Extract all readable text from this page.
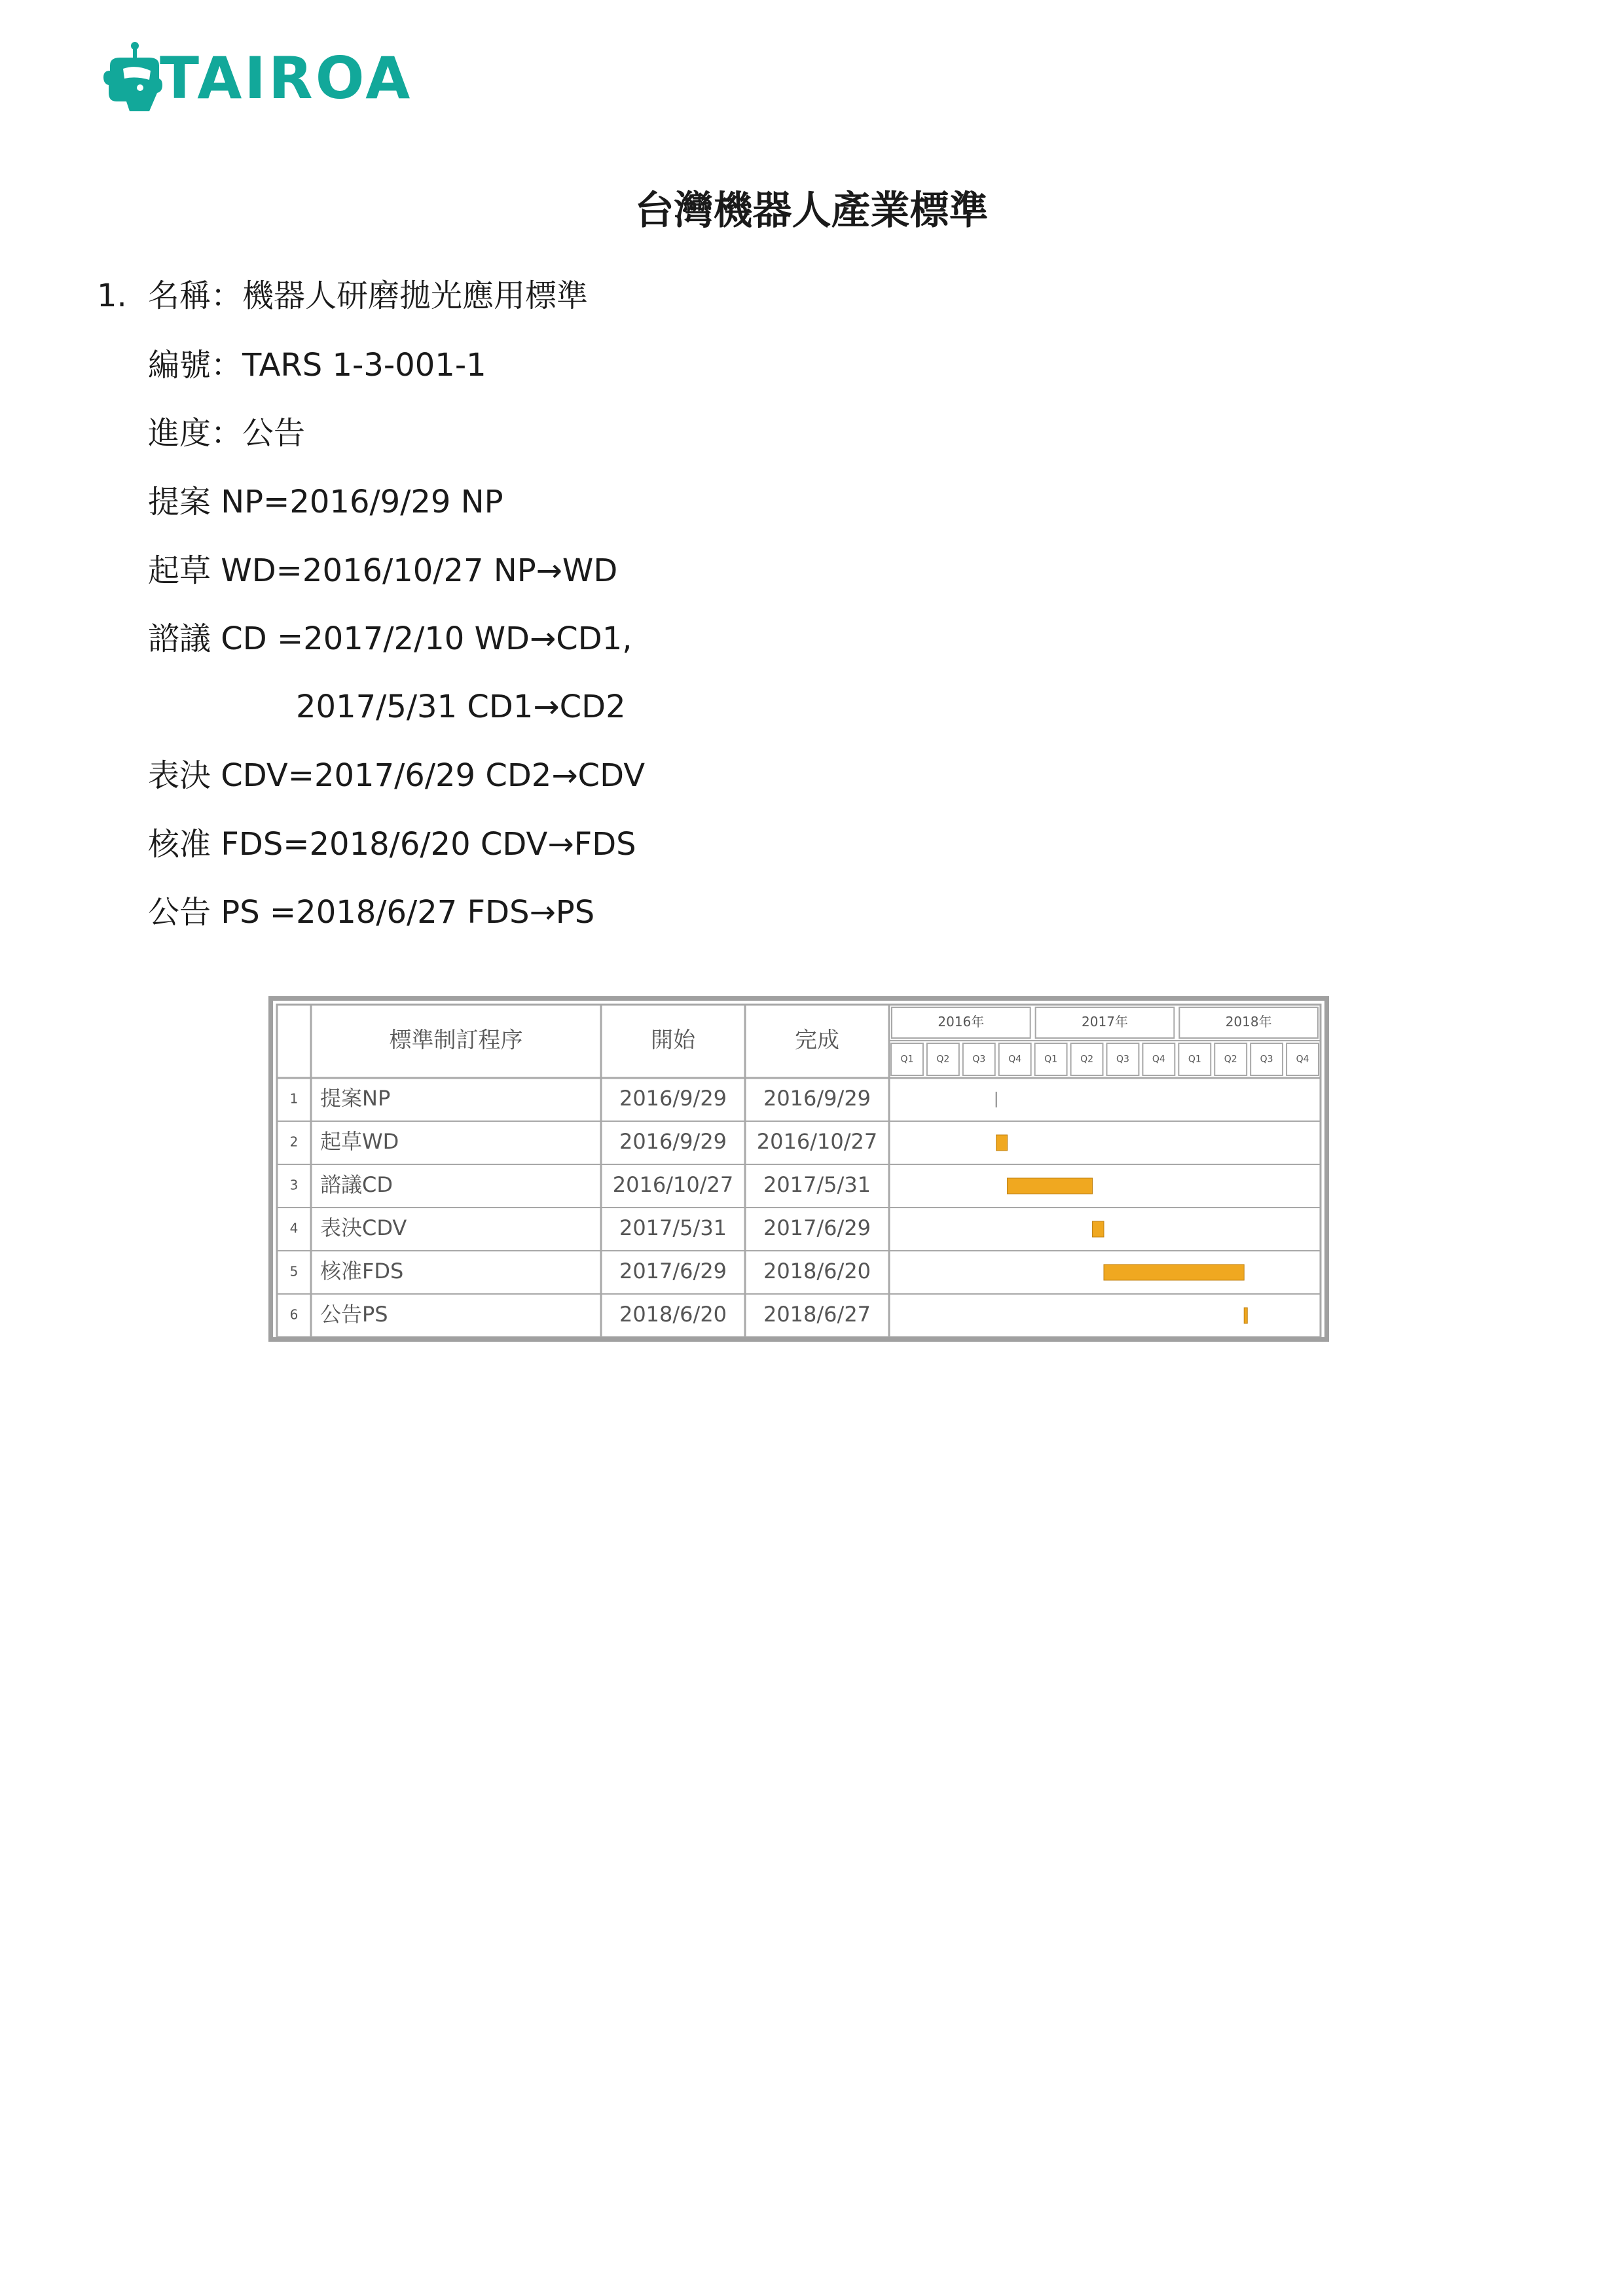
TAIROA
台灣機器人產業標準
1. 名稱：機器人研磨拋光應用標準
編號：TARS 1-3-001-1
進度：公告
提案 NP=2016/9/29 NP
起草 WD=2016/10/27 NP→WD
諮議 CD =2017/2/10 WD→CD1,
2017/5/31 CD1→CD2
表決 CDV=2017/6/29 CD2→CDV
核准 FDS=2018/6/20 CDV→FDS
公告 PS =2018/6/27 FDS→PS
標準制訂程序	開始	完成
2016年
Q1 Q2 Q3 Q4
2017年
Q1 Q2 Q3 Q4
2018年
Q1 Q2 Q3 Q4
1 提案NP	2016/9/29 2016/9/29
2 起草WD	2016/9/29 2016/10/27
3 諮議CD	2016/10/27 2017/5/31
4 表決CDV	2017/5/31 2017/6/29
5 核准FDS	2017/6/29 2018/6/20
6 公告PS	2018/6/20 2018/6/27
